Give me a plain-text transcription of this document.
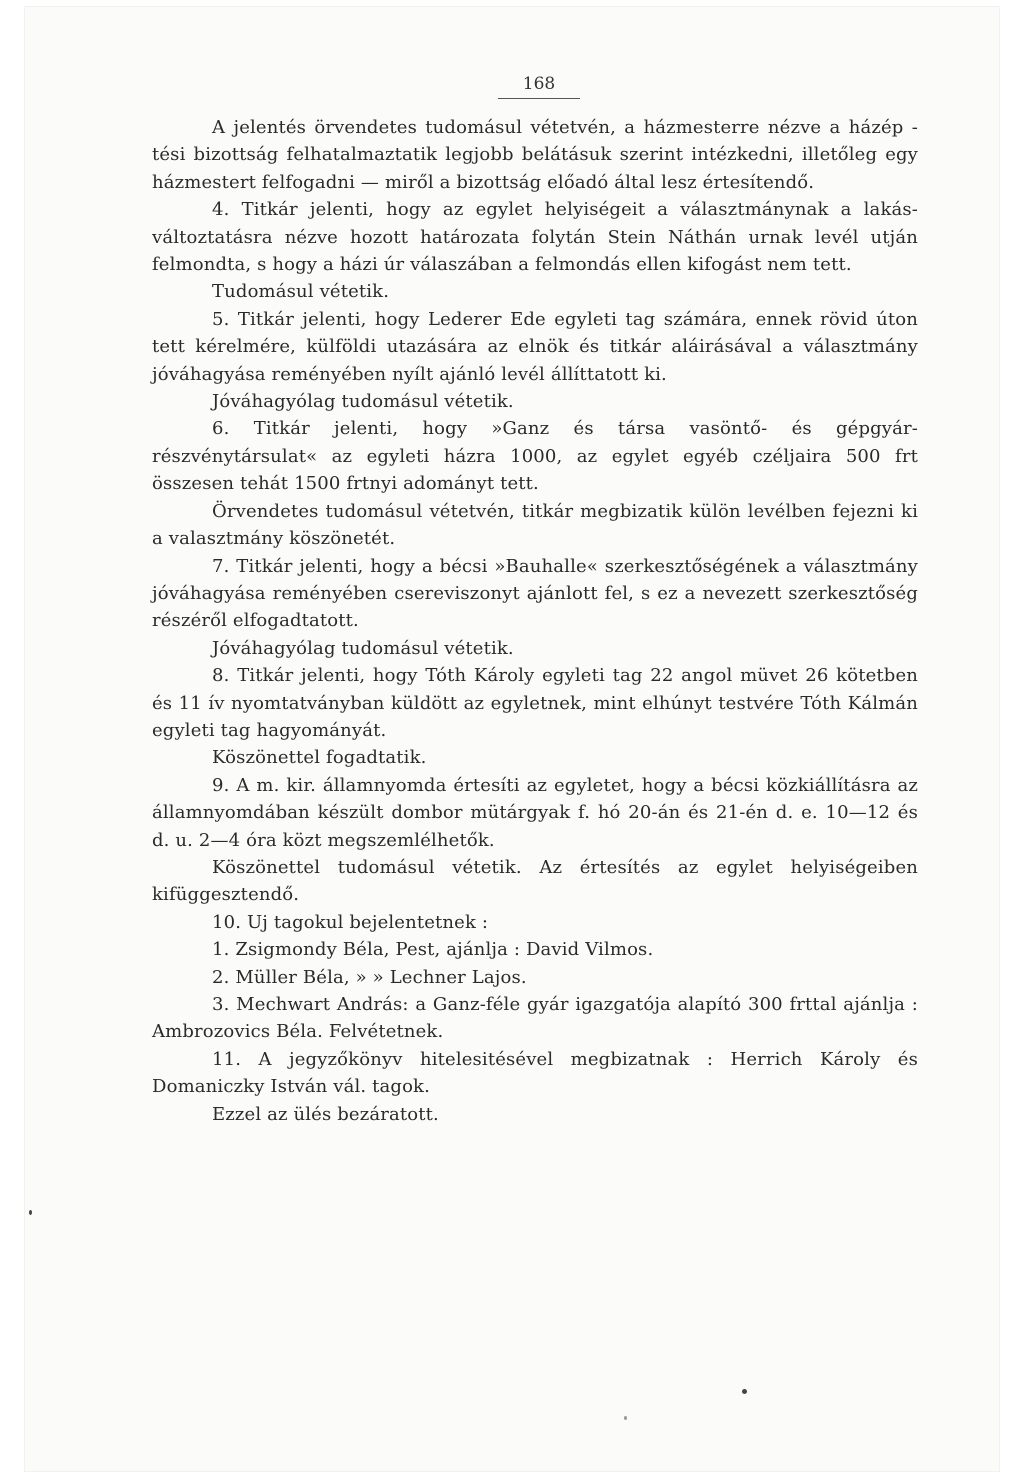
168

A jelentés örvendetes tudomásul vétetvén, a házmesterre nézve a házép - tési bizottság felhatalmaztatik legjobb belátásuk szerint intézkedni, illetőleg egy házmestert felfogadni — miről a bizottság előadó által lesz értesítendő.

4. Titkár jelenti, hogy az egylet helyiségeit a választmánynak a lakás-változtatásra nézve hozott határozata folytán Stein Náthán urnak levél utján felmondta, s hogy a házi úr válaszában a felmondás ellen kifogást nem tett.

Tudomásul vétetik.

5. Titkár jelenti, hogy Lederer Ede egyleti tag számára, ennek rövid úton tett kérelmére, külföldi utazására az elnök és titkár aláirásával a választmány jóváhagyása reményében nyílt ajánló levél állíttatott ki.

Jóváhagyólag tudomásul vétetik.

6. Titkár jelenti, hogy »Ganz és társa vasöntő- és gépgyár-részvénytársulat« az egyleti házra 1000, az egylet egyéb czéljaira 500 frt összesen tehát 1500 frtnyi adományt tett.

Örvendetes tudomásul vétetvén, titkár megbizatik külön levélben fejezni ki a valasztmány köszönetét.

7. Titkár jelenti, hogy a bécsi »Bauhalle« szerkesztőségének a választmány jóváhagyása reményében csereviszonyt ajánlott fel, s ez a nevezett szerkesztőség részéről elfogadtatott.

Jóváhagyólag tudomásul vétetik.

8. Titkár jelenti, hogy Tóth Károly egyleti tag 22 angol müvet 26 kötetben és 11 ív nyomtatványban küldött az egyletnek, mint elhúnyt testvére Tóth Kálmán egyleti tag hagyományát.

Köszönettel fogadtatik.

9. A m. kir. államnyomda értesíti az egyletet, hogy a bécsi közkiállításra az államnyomdában készült dombor mütárgyak f. hó 20-án és 21-én d. e. 10—12 és d. u. 2—4 óra közt megszemlélhetők.

Köszönettel tudomásul vétetik. Az értesítés az egylet helyiségeiben kifüggesztendő.

10. Uj tagokul bejelentetnek :

1. Zsigmondy Béla, Pest, ajánlja : David Vilmos.

2. Müller Béla, » » Lechner Lajos.

3. Mechwart András: a Ganz-féle gyár igazgatója alapító 300 frttal ajánlja : Ambrozovics Béla. Felvétetnek.

11. A jegyzőkönyv hitelesitésével megbizatnak : Herrich Károly és Domaniczky István vál. tagok.

Ezzel az ülés bezáratott.
